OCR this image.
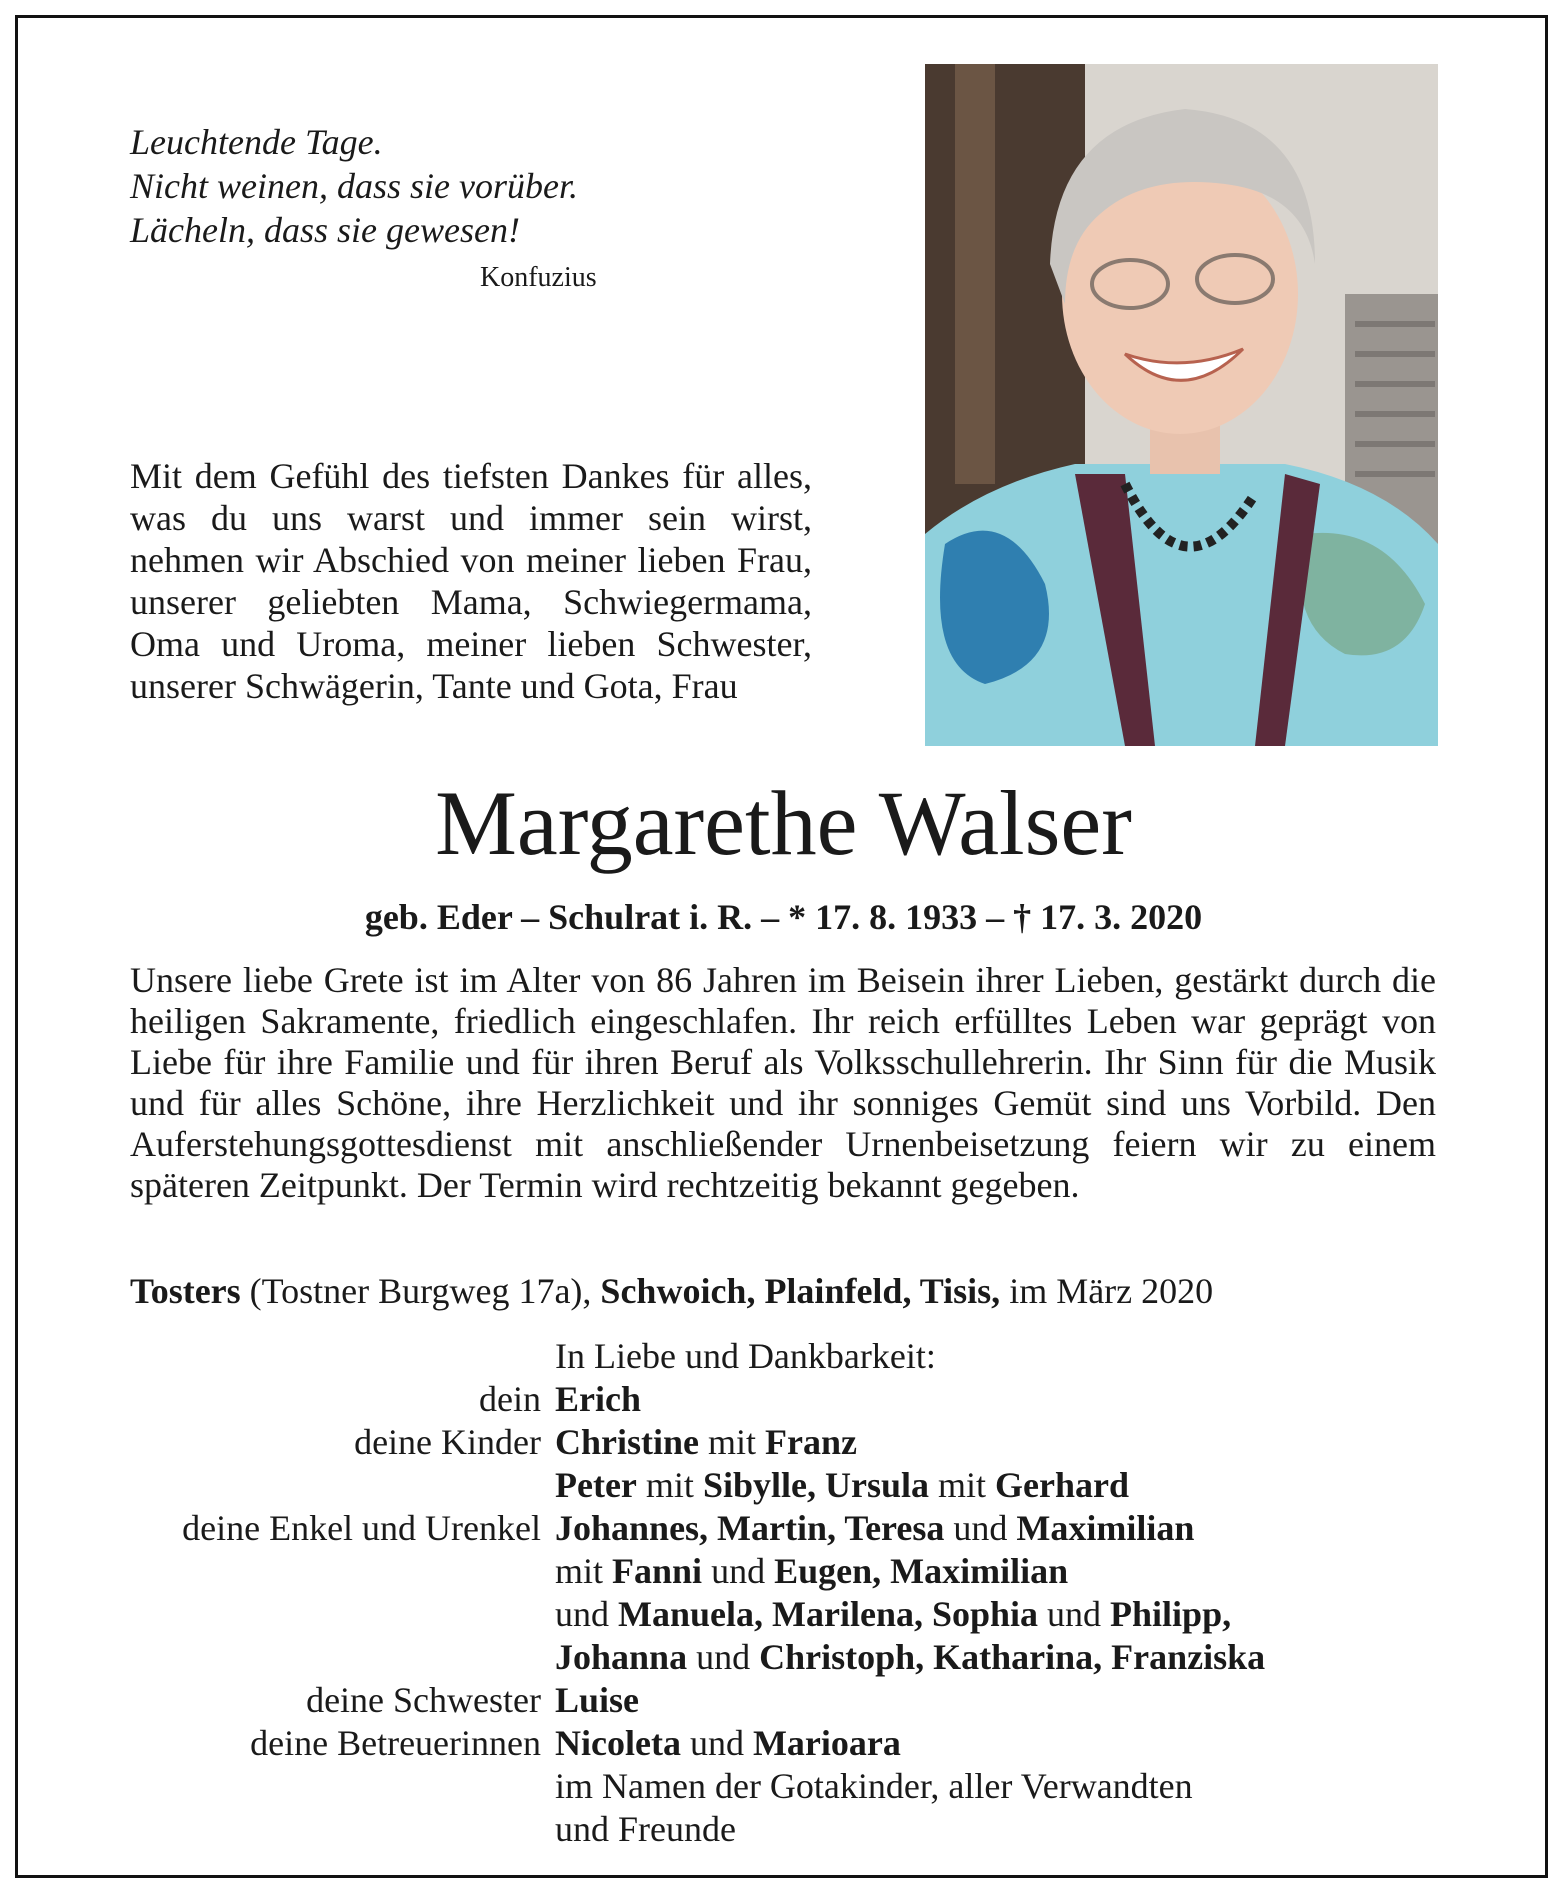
Leuchtende Tage.
Nicht weinen, dass sie vorüber.
Lächeln, dass sie gewesen!
Konfuzius
Mit dem Gefühl des tiefsten Dankes für alles, was du uns warst und immer sein wirst, nehmen wir Abschied von meiner lieben Frau, unserer geliebten Mama, Schwiegermama, Oma und Uroma, meiner lieben Schwester, unserer Schwägerin, Tante und Gota, Frau
Margarethe Walser
geb. Eder – Schulrat i. R. – * 17. 8. 1933 – † 17. 3. 2020
Unsere liebe Grete ist im Alter von 86 Jahren im Beisein ihrer Lieben, gestärkt durch die heiligen Sakramente, friedlich eingeschlafen. Ihr reich erfülltes Leben war geprägt von Liebe für ihre Familie und für ihren Beruf als Volksschullehrerin. Ihr Sinn für die Musik und für alles Schöne, ihre Herzlichkeit und ihr sonniges Gemüt sind uns Vorbild. Den Auferstehungsgottesdienst mit anschließender Urnenbeisetzung feiern wir zu einem späteren Zeitpunkt. Der Termin wird rechtzeitig bekannt gegeben.
Tosters (Tostner Burgweg 17a), Schwoich, Plainfeld, Tisis, im März 2020
In Liebe und Dankbarkeit:
dein Erich
deine Kinder Christine mit Franz
Peter mit Sibylle, Ursula mit Gerhard
deine Enkel und Urenkel Johannes, Martin, Teresa und Maximilian
mit Fanni und Eugen, Maximilian
und Manuela, Marilena, Sophia und Philipp,
Johanna und Christoph, Katharina, Franziska
deine Schwester Luise
deine Betreuerinnen Nicoleta und Marioara
im Namen der Gotakinder, aller Verwandten
und Freunde
